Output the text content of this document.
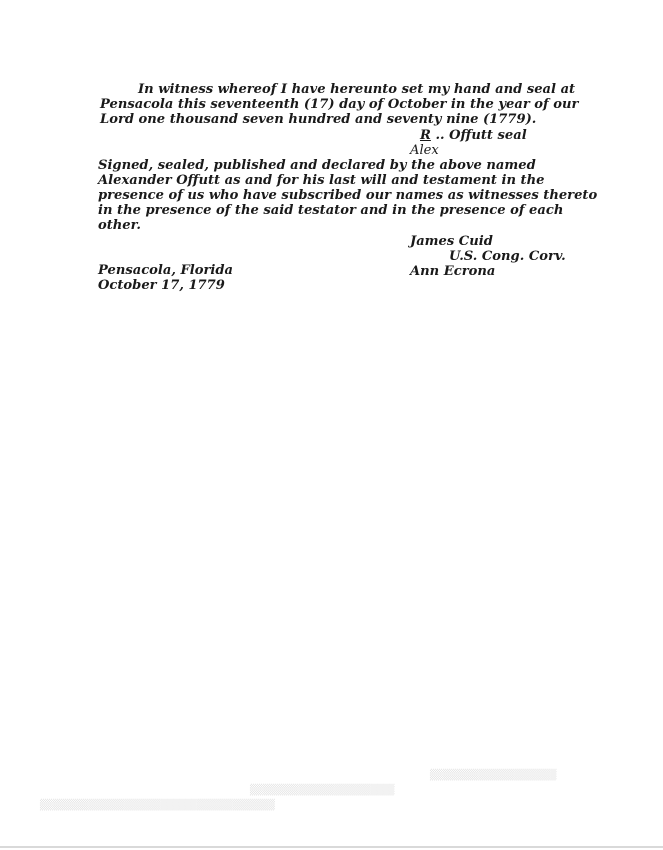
In witness whereof I have hereunto set my hand and seal at
Pensacola this seventeenth (17) day of October in the year of our
Lord one thousand seven hundred and seventy nine (1779).
R .. Offutt seal
Alex
Signed, sealed, published and declared by the above named
Alexander Offutt as and for his last will and testament in the
presence of us who have subscribed our names as witnesses thereto
in the presence of the said testator and in the presence of each
other.
James Cuid
U.S. Cong. Corv.
Ann Ecrona
Pensacola, Florida
October 17, 1779
▒▒▒▒▒▒▒▒▒▒▒▒▒▒▒▒▒▒▒▒▒
▒▒▒▒▒▒▒▒▒▒▒▒▒▒▒▒▒▒▒▒▒▒▒▒
▒▒▒▒▒▒▒▒▒▒▒▒▒▒▒▒▒▒▒▒▒▒▒▒▒▒▒▒▒▒▒▒▒▒▒▒▒▒▒
